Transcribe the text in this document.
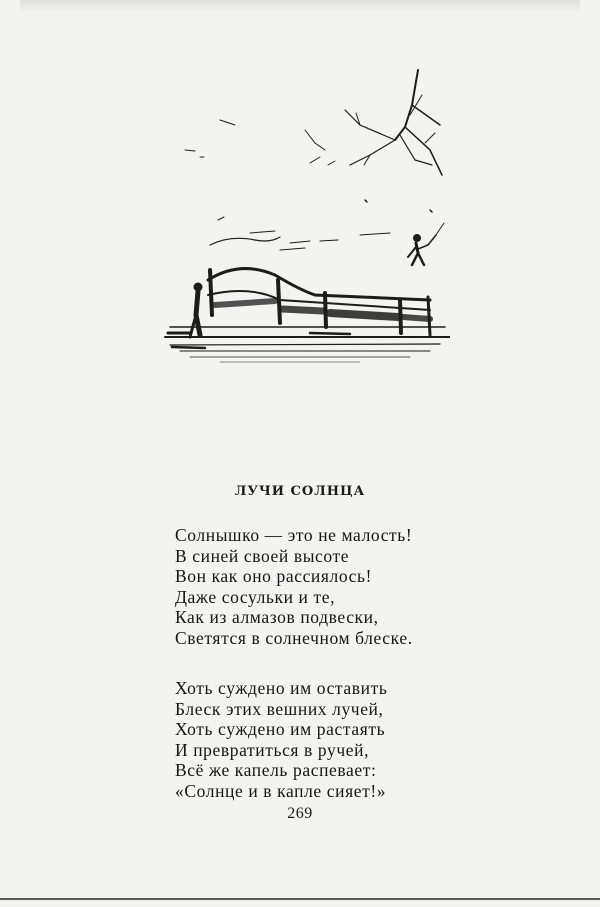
ЛУЧИ СОЛНЦА
Солнышко — это не малость!
В синей своей высоте
Вон как оно рассиялось!
Даже сосульки и те,
Как из алмазов подвески,
Светятся в солнечном блеске.
Хоть суждено им оставить
Блеск этих вешних лучей,
Хоть суждено им растаять
И превратиться в ручей,
Всё же капель распевает:
«Солнце и в капле сияет!»
269
